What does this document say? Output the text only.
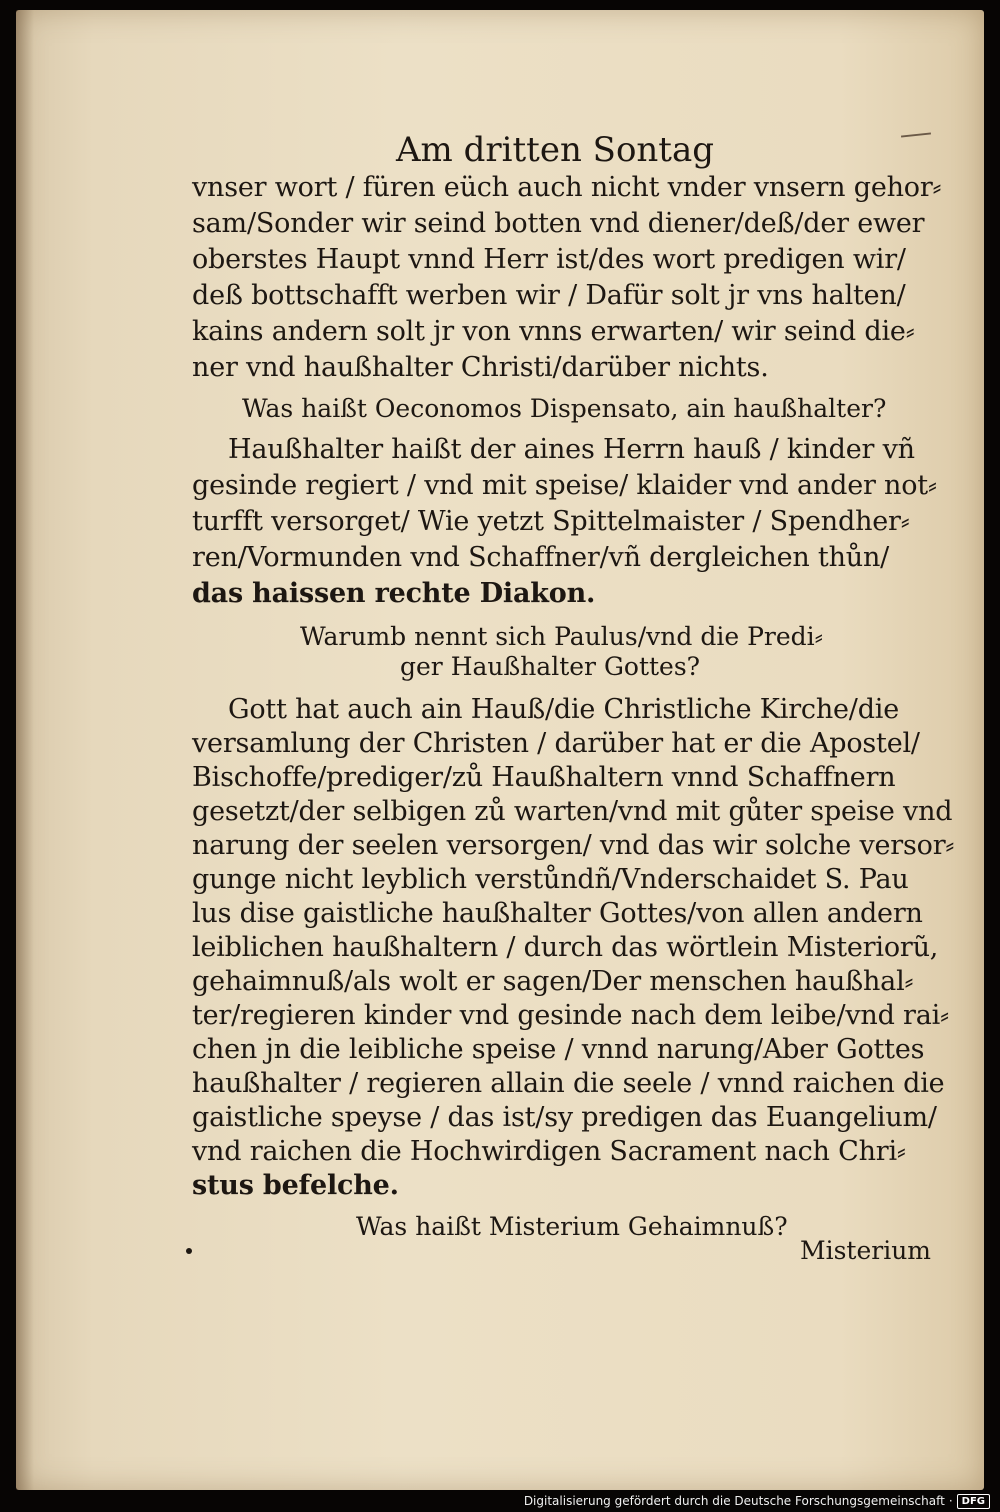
Am dritten Sontag
vnser wort / füren eüch auch nicht vnder vnsern gehor⸗
sam/Sonder wir seind botten vnd diener/deß/der ewer
oberstes Haupt vnnd Herr ist/des wort predigen wir/
deß bottschafft werben wir / Dafür solt jr vns halten/
kains andern solt jr von vnns erwarten/ wir seind die⸗
ner vnd haußhalter Christi/darüber nichts.
Was haißt Oeconomos Dispensato, ain haußhalter?
Haußhalter haißt der aines Herrn hauß / kinder vñ
gesinde regiert / vnd mit speise/ klaider vnd ander not⸗
turfft versorget/ Wie yetzt Spittelmaister / Spendher⸗
ren/Vormunden vnd Schaffner/vñ dergleichen thůn/
das haissen rechte Diakon.
Warumb nennt sich Paulus/vnd die Predi⸗
ger Haußhalter Gottes?
Gott hat auch ain Hauß/die Christliche Kirche/die
versamlung der Christen / darüber hat er die Apostel/
Bischoffe/prediger/zů Haußhaltern vnnd Schaffnern
gesetzt/der selbigen zů warten/vnd mit gůter speise vnd
narung der seelen versorgen/ vnd das wir solche versor⸗
gunge nicht leyblich verstůndñ/Vnderschaidet S. Pau
lus dise gaistliche haußhalter Gottes/von allen andern
leiblichen haußhaltern / durch das wörtlein Misteriorũ,
gehaimnuß/als wolt er sagen/Der menschen haußhal⸗
ter/regieren kinder vnd gesinde nach dem leibe/vnd rai⸗
chen jn die leibliche speise / vnnd narung/Aber Gottes
haußhalter / regieren allain die seele / vnnd raichen die
gaistliche speyse / das ist/sy predigen das Euangelium/
vnd raichen die Hochwirdigen Sacrament nach Chri⸗
stus befelche.
Was haißt Misterium Gehaimnuß?
Misterium
Digitalisierung gefördert durch die Deutsche Forschungsgemeinschaft · DFG
